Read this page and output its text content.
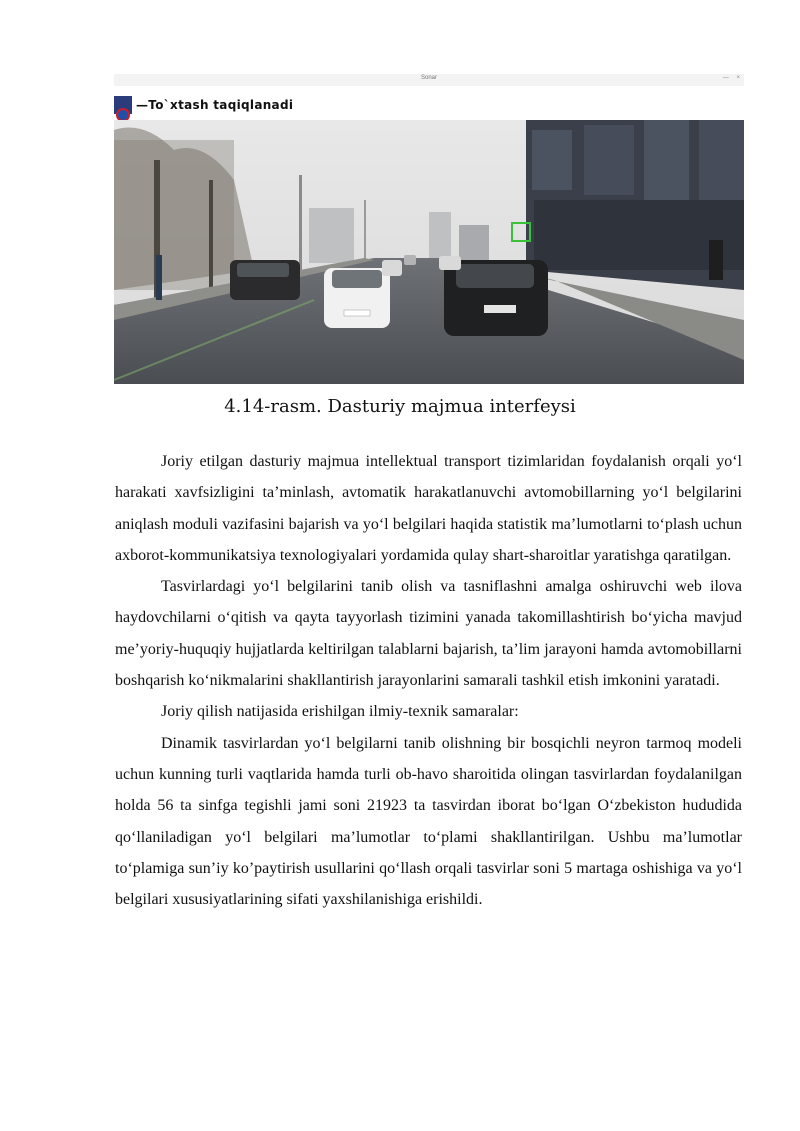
Sonar	— ×
—To`xtash taqiqlanadi
4.14-rasm. Dasturiy majmua interfeysi

Joriy etilgan dasturiy majmua intellektual transport tizimlaridan foydalanish orqali yo‘l harakati xavfsizligini ta’minlash, avtomatik harakatlanuvchi avtomobillarning yo‘l belgilarini aniqlash moduli vazifasini bajarish va yo‘l belgilari haqida statistik ma’lumotlarni to‘plash uchun axborot-kommunikatsiya texnologiyalari yordamida qulay shart-sharoitlar yaratishga qaratilgan.

Tasvirlardagi yo‘l belgilarini tanib olish va tasniflashni amalga oshiruvchi web ilova haydovchilarni o‘qitish va qayta tayyorlash tizimini yanada takomillashtirish bo‘yicha mavjud me’yoriy-huquqiy hujjatlarda keltirilgan talablarni bajarish, ta’lim jarayoni hamda avtomobillarni boshqarish ko‘nikmalarini shakllantirish jarayonlarini samarali tashkil etish imkonini yaratadi.

Joriy qilish natijasida erishilgan ilmiy-texnik samaralar:

Dinamik tasvirlardan yo‘l belgilarni tanib olishning bir bosqichli neyron tarmoq modeli uchun kunning turli vaqtlarida hamda turli ob-havo sharoitida olingan tasvirlardan foydalanilgan holda 56 ta sinfga tegishli jami soni 21923 ta tasvirdan iborat bo‘lgan O‘zbekiston hududida qo‘llaniladigan yo‘l belgilari ma’lumotlar to‘plami shakllantirilgan. Ushbu ma’lumotlar to‘plamiga sun’iy ko’paytirish usullarini qo‘llash orqali tasvirlar soni 5 martaga oshishiga va yo‘l belgilari xususiyatlarining sifati yaxshilanishiga erishildi.
